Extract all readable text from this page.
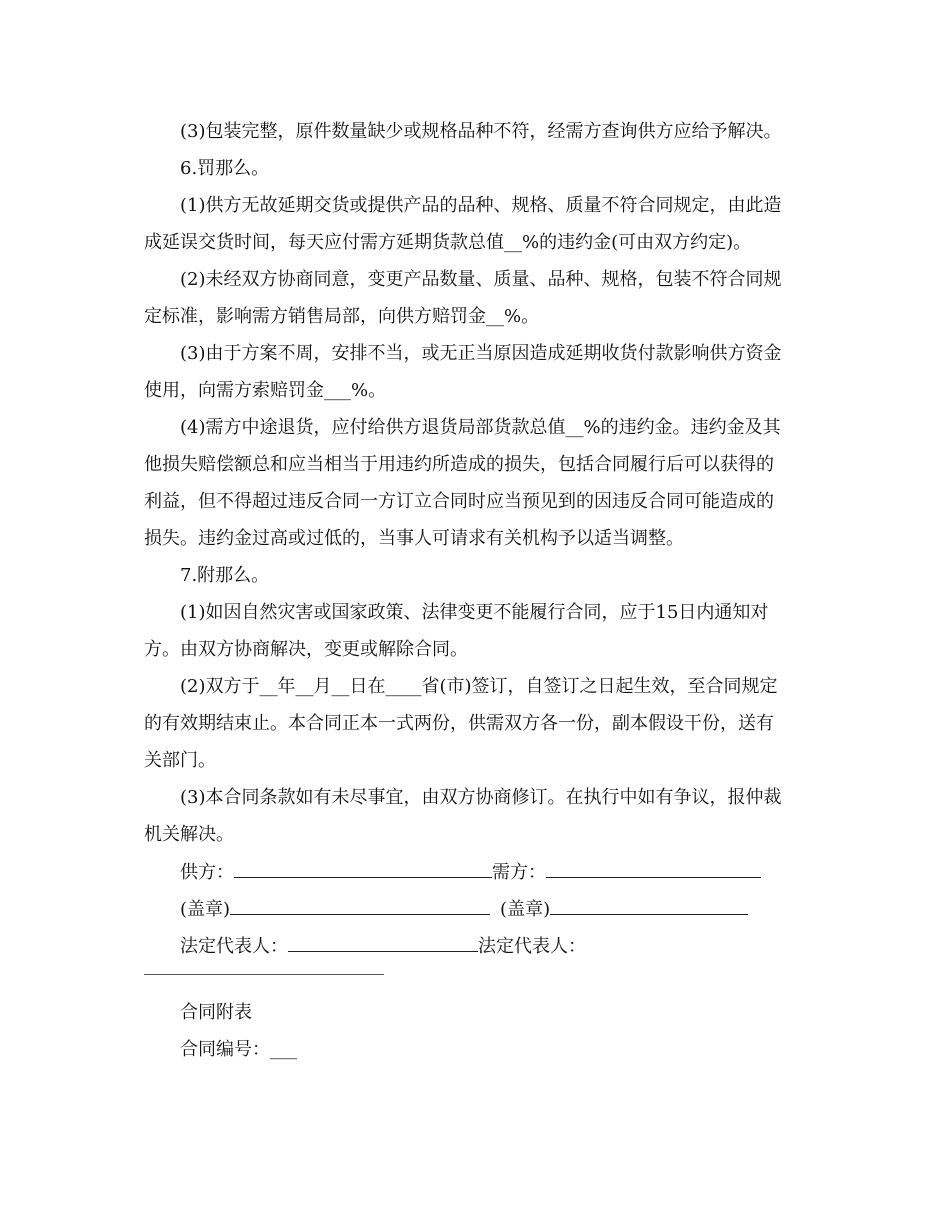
(3)包装完整，原件数量缺少或规格品种不符，经需方查询供方应给予解决。
6.罚那么。
(1)供方无故延期交货或提供产品的品种、规格、质量不符合同规定，由此造
成延误交货时间，每天应付需方延期货款总值__%的违约金(可由双方约定)。
(2)未经双方协商同意，变更产品数量、质量、品种、规格，包装不符合同规
定标准，影响需方销售局部，向供方赔罚金__%。
(3)由于方案不周，安排不当，或无正当原因造成延期收货付款影响供方资金
使用，向需方索赔罚金___%。
(4)需方中途退货，应付给供方退货局部货款总值__%的违约金。违约金及其
他损失赔偿额总和应当相当于用违约所造成的损失，包括合同履行后可以获得的
利益，但不得超过违反合同一方订立合同时应当预见到的因违反合同可能造成的
损失。违约金过高或过低的，当事人可请求有关机构予以适当调整。
7.附那么。
(1)如因自然灾害或国家政策、法律变更不能履行合同，应于15日内通知对
方。由双方协商解决，变更或解除合同。
(2)双方于__年__月__日在____省(市)签订，自签订之日起生效，至合同规定
的有效期结束止。本合同正本一式两份，供需双方各一份，副本假设干份，送有
关部门。
(3)本合同条款如有未尽事宜，由双方协商修订。在执行中如有争议，报仲裁
机关解决。
供方：	需方：
(盖章)	(盖章)
法定代表人：	法定代表人：
合同附表
合同编号：___
